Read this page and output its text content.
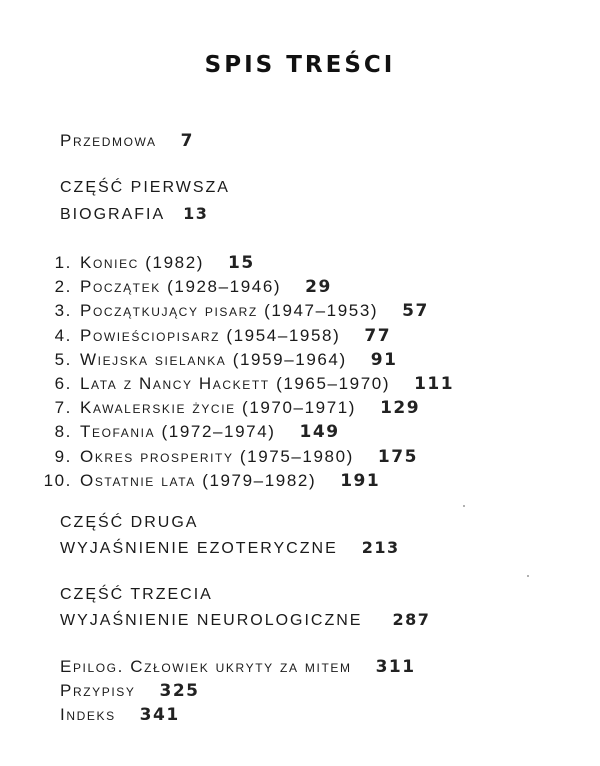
SPIS TREŚCI
Przedmowa 7
CZĘŚĆ PIERWSZA
BIOGRAFIA 13
1. Koniec (1982) 15
2. Początek (1928–1946) 29
3. Początkujący pisarz (1947–1953) 57
4. Powieściopisarz (1954–1958) 77
5. Wiejska sielanka (1959–1964) 91
6. Lata z Nancy Hackett (1965–1970) 111
7. Kawalerskie życie (1970–1971) 129
8. Teofania (1972–1974) 149
9. Okres prosperity (1975–1980) 175
10. Ostatnie lata (1979–1982) 191
CZĘŚĆ DRUGA
WYJAŚNIENIE EZOTERYCZNE 213
CZĘŚĆ TRZECIA
WYJAŚNIENIE NEUROLOGICZNE 287
Epilog. Człowiek ukryty za mitem 311
Przypisy 325
Indeks 341
